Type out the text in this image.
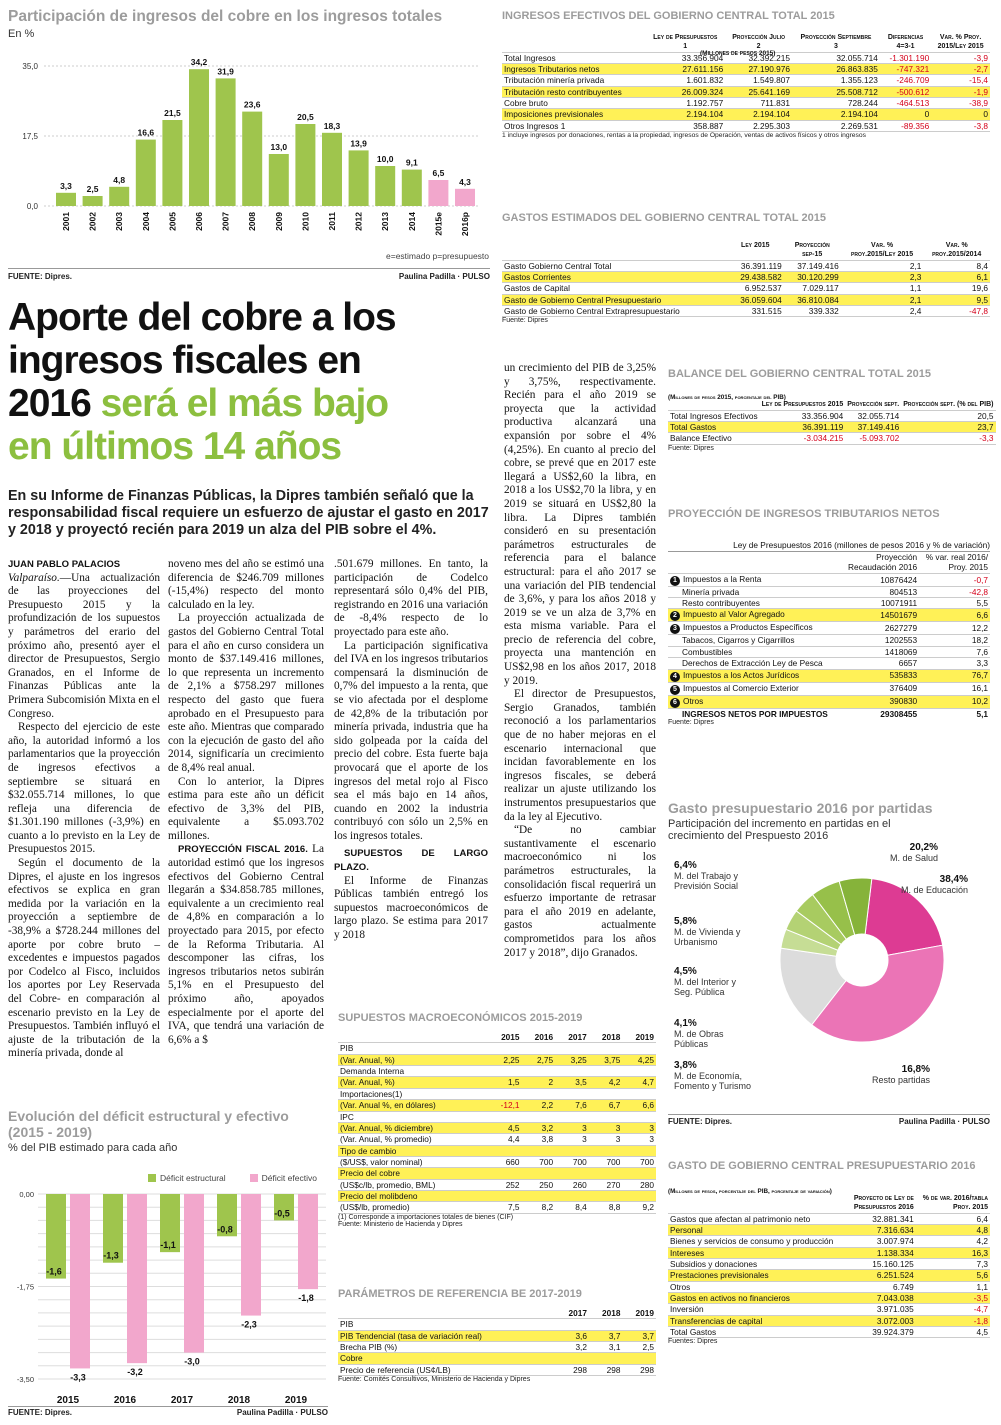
Participación de ingresos del cobre en los ingresos totales
En %
35,0
17,5
0,0
3,3
2001
2,5
2002
4,8
2003
16,6
2004
21,5
2005
34,2
2006
31,9
2007
23,6
2008
13,0
2009
20,5
2010
18,3
2011
13,9
2012
10,0
2013
9,1
2014
6,5
2015e
4,3
2016p
e=estimado p=presupuesto
FUENTE: Dipres.	Paulina Padilla · PULSO
Aporte del cobre a los
ingresos fiscales en
2016 será el más bajo
en últimos 14 años
En su Informe de Finanzas Públicas, la Dipres también señaló que la responsabilidad fiscal requiere un esfuerzo de ajustar el gasto en 2017 y 2018 y proyectó recién para 2019 un alza del PIB sobre el 4%.

JUAN PABLO PALACIOS

Valparaíso.—Una actualización de las proyecciones del Presupuesto 2015 y la profundización de los supuestos y parámetros del erario del próximo año, presentó ayer el director de Presupuestos, Sergio Granados, en el Informe de Finanzas Públicas ante la Primera Subcomisión Mixta en el Congreso.

Respecto del ejercicio de este año, la autoridad informó a los parlamentarios que la proyección de ingresos efectivos a septiembre se situará en $32.055.714 millones, lo que refleja una diferencia de $1.301.190 millones (-3,9%) en cuanto a lo previsto en la Ley de Presupuestos 2015.

Según el documento de la Dipres, el ajuste en los ingresos efectivos se explica en gran medida por la variación en la proyección a septiembre de -38,9% a $728.244 millones del aporte por cobre bruto –excedentes e impuestos pagados por Codelco al Fisco, incluidos los aportes por Ley Reservada del Cobre- en comparación al escenario previsto en la Ley de Presupuestos. También influyó el ajuste de la tributación de la minería privada, donde al

noveno mes del año se estimó una diferencia de $246.709 millones (-15,4%) respecto del monto calculado en la ley.

La proyección actualizada de gastos del Gobierno Central Total para el año en curso considera un monto de $37.149.416 millones, lo que representa un incremento de 2,1% a $758.297 millones respecto del gasto que fuera aprobado en el Presupuesto para este año. Mientras que comparado con la ejecución de gasto del año 2014, significaría un crecimiento de 8,4% real anual.

Con lo anterior, la Dipres estima para este año un déficit efectivo de 3,3% del PIB, equivalente a $5.093.702 millones.

PROYECCIÓN FISCAL 2016. La autoridad estimó que los ingresos efectivos del Gobierno Central llegarán a $34.858.785 millones, equivalente a un crecimiento real de 4,8% en comparación a lo proyectado para 2015, por efecto de la Reforma Tributaria. Al descomponer las cifras, los ingresos tributarios netos subirán 5,1% en el Presupuesto del próximo año, apoyados especialmente por el aporte del IVA, que tendrá una variación de 6,6% a $

.501.679 millones. En tanto, la participación de Codelco representará sólo 0,4% del PIB, registrando en 2016 una variación de -8,4% respecto de lo proyectado para este año.

La participación significativa del IVA en los ingresos tributarios compensará la disminución de 0,7% del impuesto a la renta, que se vio afectada por el desplome de 42,8% de la tributación por minería privada, industria que ha sido golpeada por la caída del precio del cobre. Esta fuerte baja provocará que el aporte de los ingresos del metal rojo al Fisco sea el más bajo en 14 años, cuando en 2002 la industria contribuyó con sólo un 2,5% en los ingresos totales.

SUPUESTOS DE LARGO PLAZO.

El Informe de Finanzas Públicas también entregó los supuestos macroeconómicos de largo plazo. Se estima para 2017 y 2018

un crecimiento del PIB de 3,25% y 3,75%, respectivamente. Recién para el año 2019 se proyecta que la actividad productiva alcanzará una expansión por sobre el 4% (4,25%). En cuanto al precio del cobre, se prevé que en 2017 este llegará a US$2,60 la libra, en 2018 a los US$2,70 la libra, y en 2019 se situará en US$2,80 la libra. La Dipres también consideró en su presentación parámetros estructurales de referencia para el balance estructural: para el año 2017 se una variación del PIB tendencial de 3,6%, y para los años 2018 y 2019 se ve un alza de 3,7% en esta misma variable. Para el precio de referencia del cobre, proyecta una mantención en US$2,98 en los años 2017, 2018 y 2019.

El director de Presupuestos, Sergio Granados, también reconoció a los parlamentarios que de no haber mejoras en el escenario internacional que incidan favorablemente en los ingresos fiscales, se deberá realizar un ajuste utilizando los instrumentos presupuestarios que da la ley al Ejecutivo.

“De no cambiar sustantivamente el escenario macroeconómico ni los parámetros estructurales, la consolidación fiscal requerirá un esfuerzo importante de retrasar para el año 2019 en adelante, gastos actualmente comprometidos para los años 2017 y 2018”, dijo Granados.

Evolución del déficit estructural y efectivo
(2015 - 2019)
% del PIB estimado para cada año
Déficit estructural	Déficit efectivo
0,00
-1,75
-3,50
-1,6
-3,3
2015
-1,3
-3,2
2016
-1,1
-3,0
2017
-0,8
-2,3
2018
-0,5
-1,8
2019
FUENTE: Dipres.	Paulina Padilla · PULSO
SUPUESTOS MACROECONÓMICOS 2015-2019
	2015	2016	2017	2018	2019
PIB					
(Var. Anual, %)	2,25	2,75	3,25	3,75	4,25
Demanda Interna					
(Var. Anual, %)	1,5	2	3,5	4,2	4,7
Importaciones(1)					
(Var. Anual %, en dólares)	-12,1	2,2	7,6	6,7	6,6
IPC					
(Var. Anual, % diciembre)	4,5	3,2	3	3	3
(Var. Anual, % promedio)	4,4	3,8	3	3	3
Tipo de cambio					
($/US$, valor nominal)	660	700	700	700	700
Precio del cobre					
(US$c/lb, promedio, BML)	252	250	260	270	280
Precio del molibdeno					
(US$/lb, promedio)	7,5	8,2	8,4	8,8	9,2
(1) Corresponde a importaciones totales de bienes (CIF)
Fuente: Ministerio de Hacienda y Dipres
PARÁMETROS DE REFERENCIA BE 2017-2019
	2017	2018	2019
PIB			
PIB Tendencial (tasa de variación real)	3,6	3,7	3,7
Brecha PIB (%)	3,2	3,1	2,5
Cobre			
Precio de referencia (US¢/LB)	298	298	298
Fuente: Comités Consultivos, Ministerio de Hacienda y Dipres
INGRESOS EFECTIVOS DEL GOBIERNO CENTRAL TOTAL 2015
(Millones de pesos 2015)
	Ley de Presupuestos	Proyección Julio	Proyección Septiembre	Diferencias	Var. % Proy.
	1	2	3	4=3-1	2015/Ley 2015
Total Ingresos	33.356.904	32.392.215	32.055.714	-1.301.190	-3,9
Ingresos Tributarios netos	27.611.156	27.190.976	26.863.835	-747.321	-2,7
Tributación minería privada	1.601.832	1.549.807	1.355.123	-246.709	-15,4
Tributación resto contribuyentes	26.009.324	25.641.169	25.508.712	-500.612	-1,9
Cobre bruto	1.192.757	711.831	728.244	-464.513	-38,9
Imposiciones previsionales	2.194.104	2.194.104	2.194.104	0	0
Otros Ingresos 1	358.887	2.295.303	2.269.531	-89.356	-3,8
1 incluye ingresos por donaciones, rentas a la propiedad, ingresos de Operación, ventas de activos físicos y otros ingresos
GASTOS ESTIMADOS DEL GOBIERNO CENTRAL TOTAL 2015
	Ley 2015	Proyección	Var. %	Var. %
		sep-15	proy.2015/Ley 2015	proy.2015/2014
Gasto Gobierno Central Total	36.391.119	37.149.416	2,1	8,4
Gastos Corrientes	29.438.582	30.120.299	2,3	6,1
Gastos de Capital	6.952.537	7.029.117	1,1	19,6
Gasto de Gobierno Central Presupuestario	36.059.604	36.810.084	2,1	9,5
Gasto de Gobierno Central Extrapresupuestario	331.515	339.332	2,4	-47,8
Fuente: Dipres
BALANCE DEL GOBIERNO CENTRAL TOTAL 2015
(Millones de pesos 2015, porcentaje del PIB)
	Ley de Presupuestos 2015	Proyección sept.	Proyección sept. (% del PIB)
Total Ingresos Efectivos	33.356.904	32.055.714	20,5
Total Gastos	36.391.119	37.149.416	23,7
Balance Efectivo	-3.034.215	-5.093.702	-3,3
Fuente: Dipres
PROYECCIÓN DE INGRESOS TRIBUTARIOS NETOS
Ley de Presupuestos 2016 (millones de pesos 2016 y % de variación)
	Proyección	% var. real 2016/
	Recaudación 2016	Proy. 2015
1 Impuestos a la Renta	10876424	-0,7
Minería privada	804513	-42,8
Resto contribuyentes	10071911	5,5
2 Impuesto al Valor Agregado	14501679	6,6
3 Impuestos a Productos Específicos	2627279	12,2
Tabacos, Cigarros y Cigarrillos	1202553	18,2
Combustibles	1418069	7,6
Derechos de Extracción Ley de Pesca	6657	3,3
4 Impuestos a los Actos Jurídicos	535833	76,7
5 Impuestos al Comercio Exterior	376409	16,1
6 Otros	390830	10,2
INGRESOS NETOS POR IMPUESTOS	29308455	5,1
Fuente: Dipres
Gasto presupuestario 2016 por partidas
Participación del incremento en partidas en el
crecimiento del Prespuesto 2016
20,2%
M. de Salud
38,4%
M. de Educación
16,8%
Resto partidas
3,8%
M. de Economía,
Fomento y Turismo
4,1%
M. de Obras
Públicas
4,5%
M. del Interior y
Seg. Pública
5,8%
M. de Vivienda y
Urbanismo
6,4%
M. del Trabajo y
Previsión Social
FUENTE: Dipres.	Paulina Padilla · PULSO
GASTO DE GOBIERNO CENTRAL PRESUPUESTARIO 2016
(Millones de pesos, porcentaje del PIB, porcentaje de variación)
	Proyecto de Ley de	% de var. 2016/tabla
	Presupuestos 2016	Proy. 2015
Gastos que afectan al patrimonio neto	32.881.341	6,4
Personal	7.316.634	4,8
Bienes y servicios de consumo y producción	3.007.974	4,2
Intereses	1.138.334	16,3
Subsidios y donaciones	15.160.125	7,3
Prestaciones previsionales	6.251.524	5,6
Otros	6.749	1,1
Gastos en activos no financieros	7.043.038	-3,5
Inversión	3.971.035	-4,7
Transferencias de capital	3.072.003	-1,8
Total Gastos	39.924.379	4,5
Fuentes: Dipres
